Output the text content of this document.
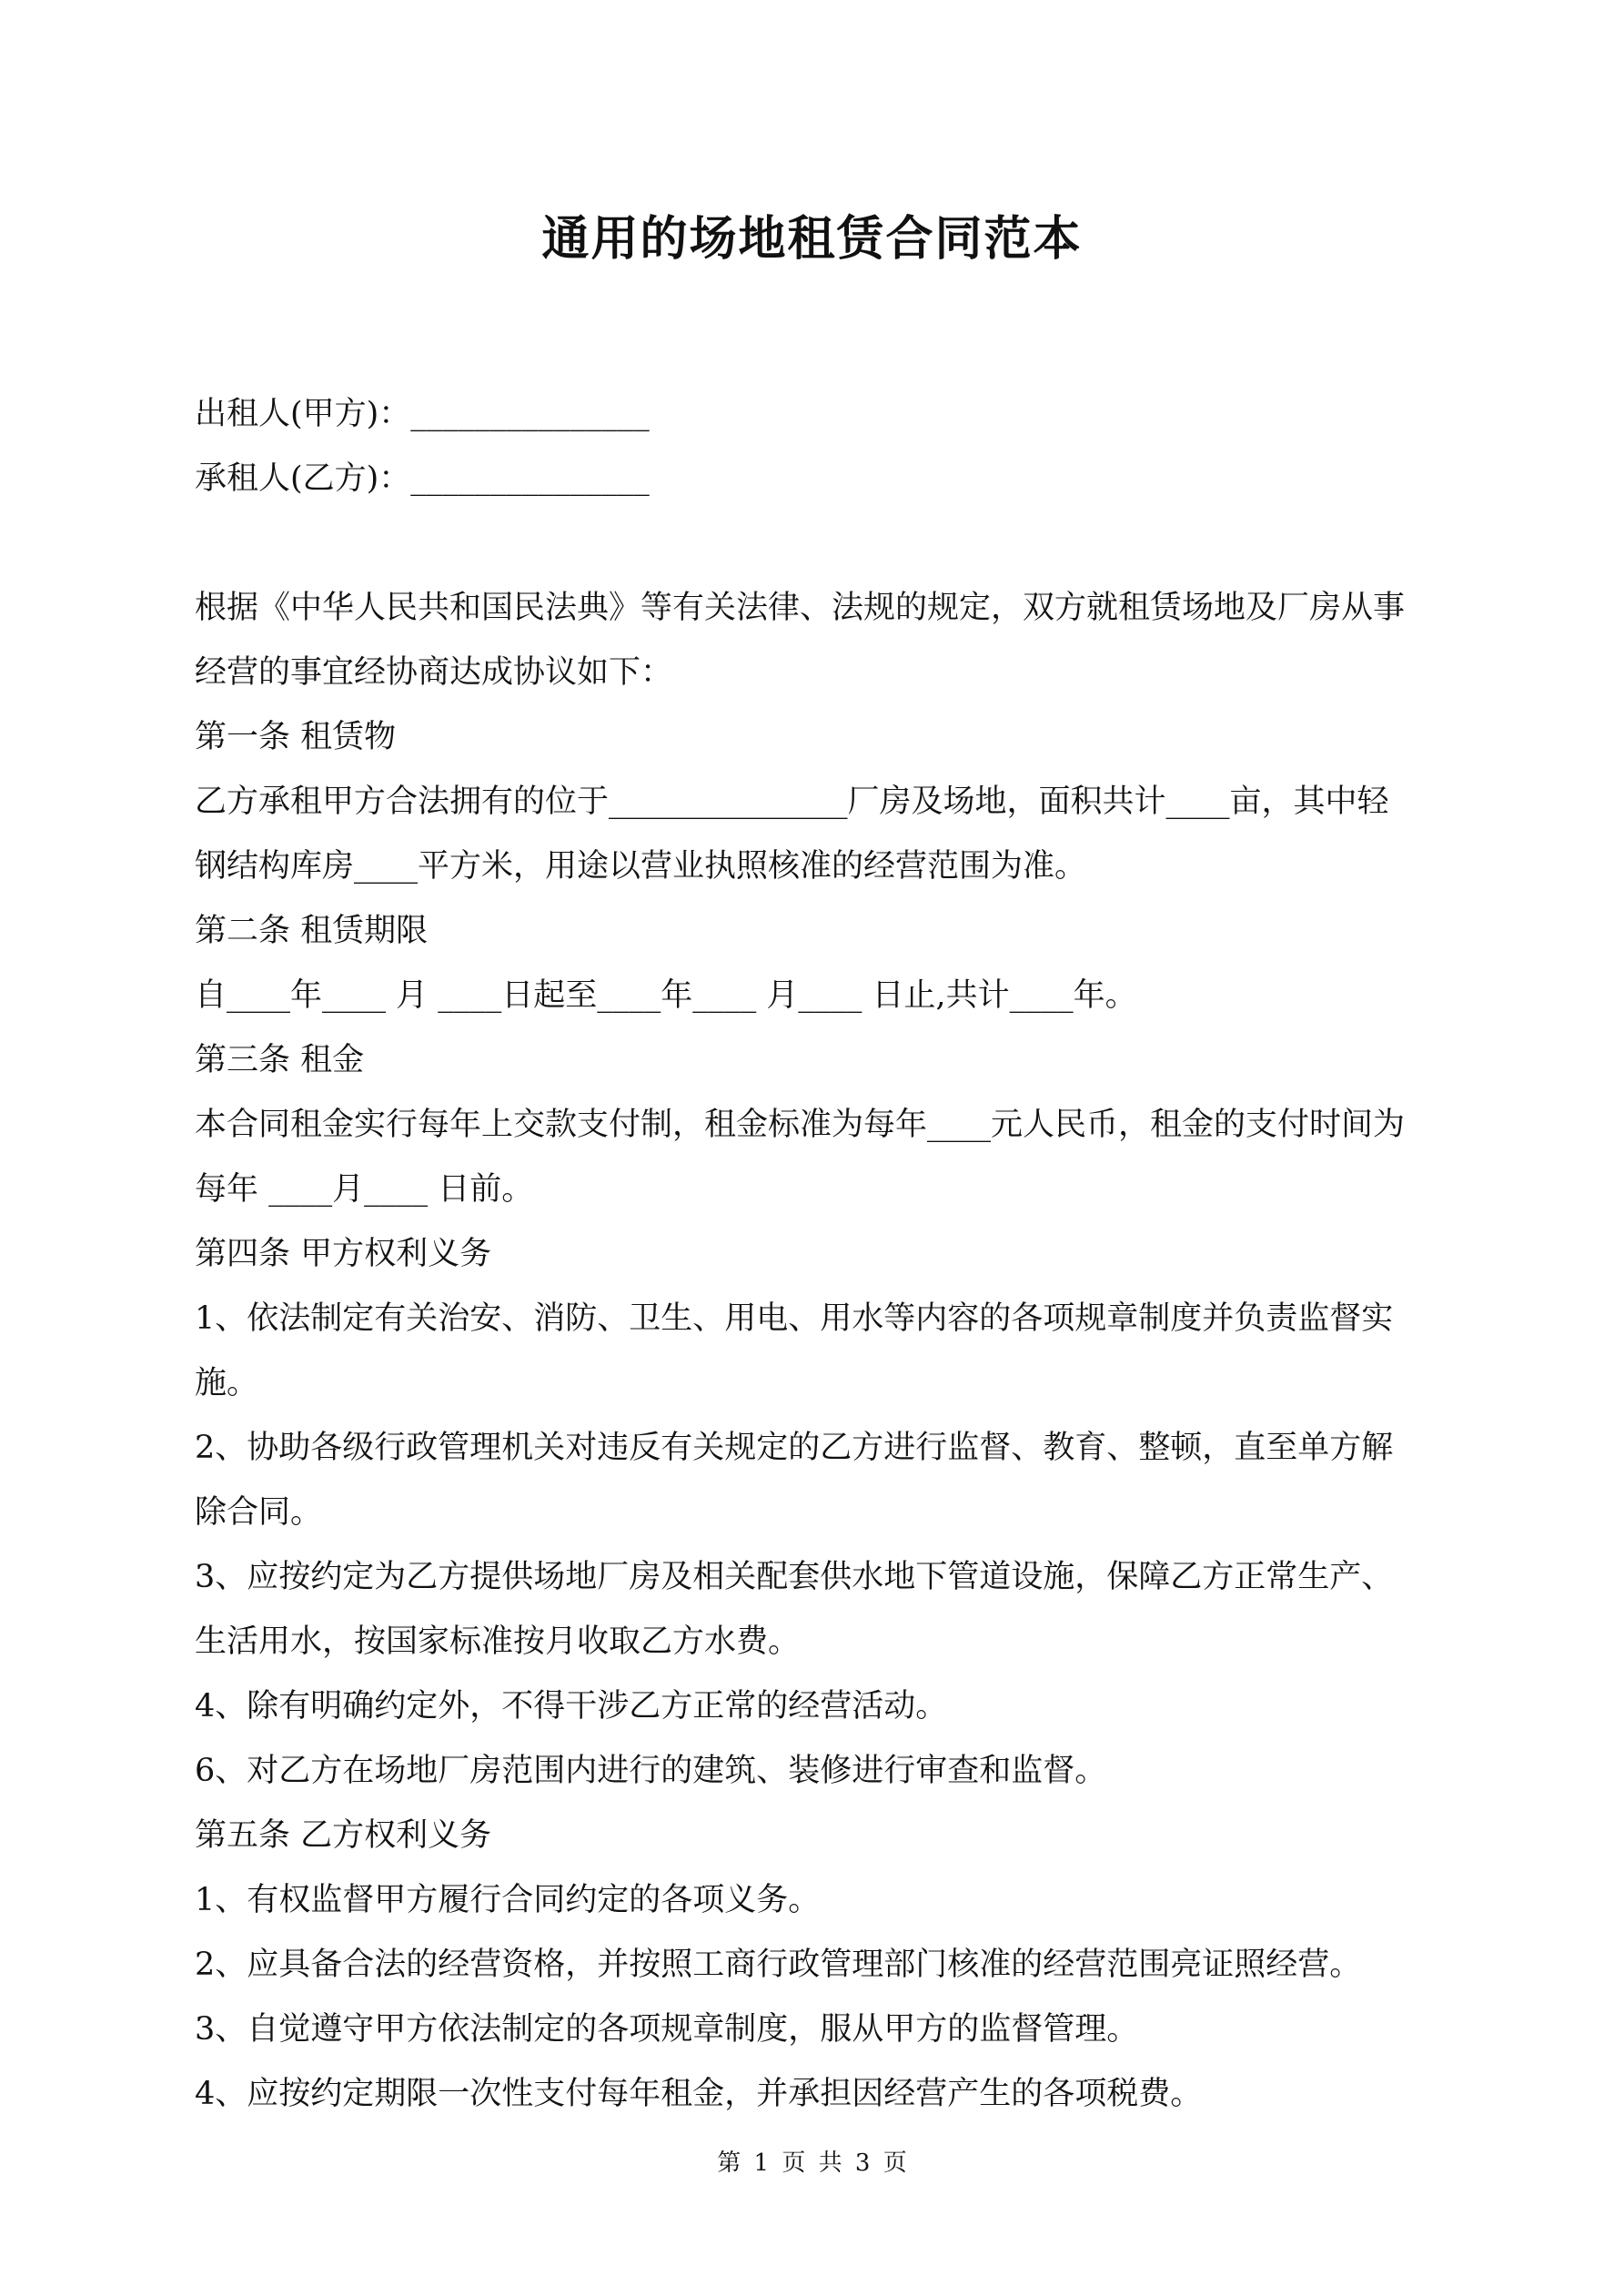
通用的场地租赁合同范本
出租人(甲方)：_______________
承租人(乙方)：_______________
根据《中华人民共和国民法典》等有关法律、法规的规定，双方就租赁场地及厂房从事
经营的事宜经协商达成协议如下：
第一条 租赁物
乙方承租甲方合法拥有的位于_______________厂房及场地，面积共计____亩，其中轻
钢结构库房____平方米，用途以营业执照核准的经营范围为准。
第二条 租赁期限
自____年____ 月 ____日起至____年____ 月____ 日止,共计____年。
第三条 租金
本合同租金实行每年上交款支付制，租金标准为每年____元人民币，租金的支付时间为
每年 ____月____ 日前。
第四条 甲方权利义务
1、依法制定有关治安、消防、卫生、用电、用水等内容的各项规章制度并负责监督实
施。
2、协助各级行政管理机关对违反有关规定的乙方进行监督、教育、整顿，直至单方解
除合同。
3、应按约定为乙方提供场地厂房及相关配套供水地下管道设施，保障乙方正常生产、
生活用水，按国家标准按月收取乙方水费。
4、除有明确约定外，不得干涉乙方正常的经营活动。
6、对乙方在场地厂房范围内进行的建筑、装修进行审查和监督。
第五条 乙方权利义务
1、有权监督甲方履行合同约定的各项义务。
2、应具备合法的经营资格，并按照工商行政管理部门核准的经营范围亮证照经营。
3、自觉遵守甲方依法制定的各项规章制度，服从甲方的监督管理。
4、应按约定期限一次性支付每年租金，并承担因经营产生的各项税费。
第 1 页 共 3 页
